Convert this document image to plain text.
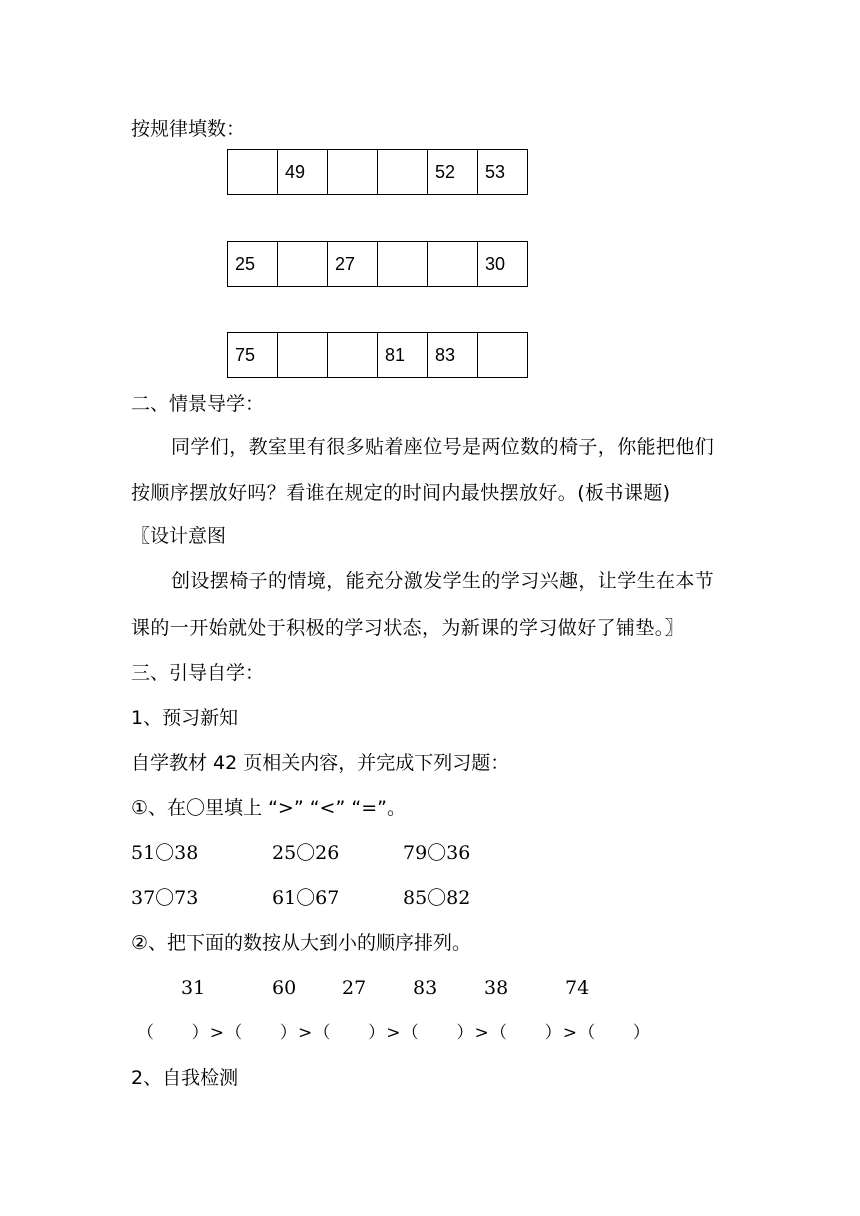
按规律填数：
	49			52	53
25		27			30
75			81	83	
二、情景导学：
同学们，教室里有很多贴着座位号是两位数的椅子，你能把他们
按顺序摆放好吗？看谁在规定的时间内最快摆放好。(板书课题)
〖设计意图
创设摆椅子的情境，能充分激发学生的学习兴趣，让学生在本节
课的一开始就处于积极的学习状态，为新课的学习做好了铺垫。〗
三、引导自学：
1、预习新知
自学教材 42 页相关内容，并完成下列习题：
①、在〇里填上 “>” “<” “=”。
51〇38	25〇26	79〇36
37〇73	61〇67	85〇82
②、把下面的数按从大到小的顺序排列。
31	60 27 83 38	74
（　　）>（　　）>（　　）>（　　）>（　　）>（　　）
2、自我检测
